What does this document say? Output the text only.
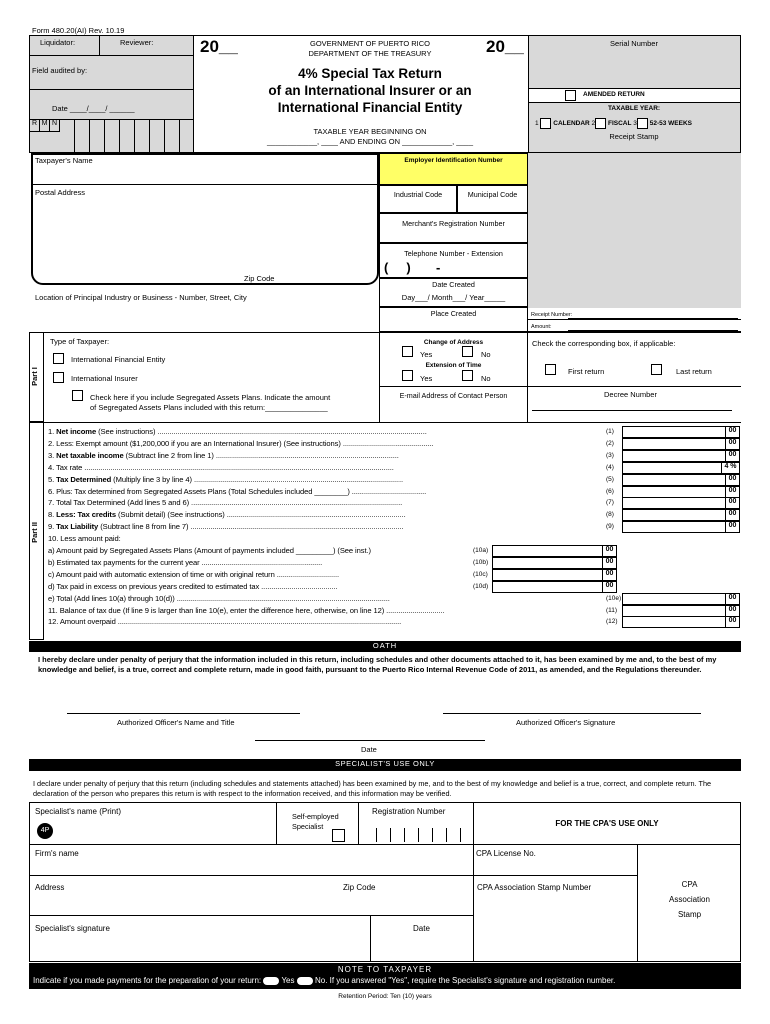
Form 480.20(AI) Rev. 10.19
Liquidator:	Reviewer:
Field audited by:
Date ____/____/ ______
R M N
20__	20__
GOVERNMENT OF PUERTO RICO
DEPARTMENT OF THE TREASURY
4% Special Tax Return
of an International Insurer or an
International Financial Entity
TAXABLE YEAR BEGINNING ON
____________, ____ AND ENDING ON ____________, ____
Serial Number
AMENDED RETURN
TAXABLE YEAR:
1 CALENDAR 2 FISCAL 3 52-53 WEEKS
Receipt Stamp
Taxpayer's Name
Postal Address
Zip Code
Location of Principal Industry or Business - Number, Street, City
Employer Identification Number
Industrial Code	Municipal Code
Merchant's Registration Number
Telephone Number - Extension
(     )       -
Date Created
Day___/ Month___/ Year_____
Place Created	Receipt Number:
Amount:
Part I
Type of Taxpayer:
International Financial Entity
International Insurer
Check here if you include Segregated Assets Plans. Indicate the amount
of Segregated Assets Plans included with this return:_______________
Change of Address
Yes	No
Extension of Time
Yes	No
E-mail Address of Contact Person
Check the corresponding box, if applicable:
First return	Last return
Decree Number
Part II
1. Net income (See instructions) ......................................................................................................................................	(1)	00
2. Less: Exempt amount ($1,200,000 if you are an International Insurer) (See instructions) .............................................	(2)	00
3. Net taxable income (Subtract line 2 from line 1) ...........................................................................................	(3)	00
4. Tax rate ..........................................................................................................................................................	(4)	4 %
5. Tax Determined (Multiply line 3 by line 4) ........................................................................................................	(5)	00
6. Plus: Tax determined from Segregated Assets Plans (Total Schedules included ________) .....................................	(6)	00
7. Total Tax Determined (Add lines 5 and 6) .........................................................................................................	(7)	00
8. Less: Tax credits (Submit detail) (See instructions) .........................................................................................	(8)	00
9. Tax Liability (Subtract line 8 from line 7) ..........................................................................................................	(9)	00
10. Less amount paid:
a) Amount paid by Segregated Assets Plans (Amount of payments included _________) (See inst.)	(10a)	00
b) Estimated tax payments for the current year ............................................................	(10b)	00
c) Amount paid with automatic extension of time or with original return ...............................	(10c)	00
d) Tax paid in excess on previous years credited to estimated tax ......................................	(10d)	00
e) Total (Add lines 10(a) through 10(d)) ..........................................................................................................	(10e)	00
11. Balance of tax due (If line 9 is larger than line 10(e), enter the difference here, otherwise, on line 12) .............................	(11)	00
12. Amount overpaid .............................................................................................................................................	(12)	00
OATH
I hereby declare under penalty of perjury that the information included in this return, including schedules and other documents attached to it, has been examined by me and, to the best of my knowledge and belief, is a true, correct and complete return, made in good faith, pursuant to the Puerto Rico Internal Revenue Code of 2011, as amended, and the Regulations thereunder.
Authorized Officer's Name and Title	Authorized Officer's Signature
Date
SPECIALIST'S USE ONLY
I declare under penalty of perjury that this return (including schedules and statements attached) has been examined by me, and to the best of my knowledge and belief is a true, correct, and complete return. The declaration of the person who prepares this return is with respect to the information received, and this information may be verified.
Specialist's name (Print)
4P
Self-employed
Specialist
Registration Number
FOR THE CPA'S USE ONLY
Firm's name	CPA License No.
Address	Zip Code	CPA Association Stamp Number	CPA
Association
Stamp
Specialist's signature	Date
NOTE TO TAXPAYER
Indicate if you made payments for the preparation of your return:	Yes	No. If you answered "Yes", require the Specialist's signature and registration number.
Retention Period: Ten (10) years
